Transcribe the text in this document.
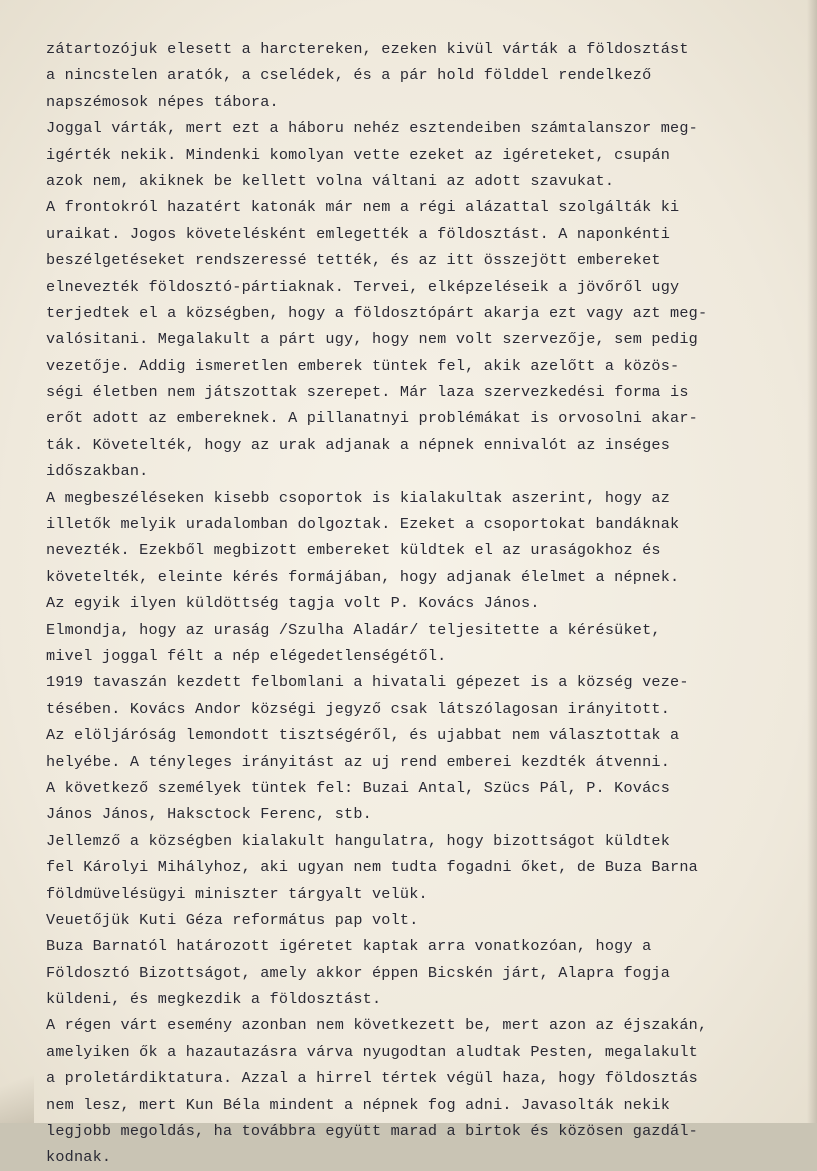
zátartozójuk elesett a harctereken, ezeken kivül várták a földosztást
a nincstelen aratók, a cselédek, és a pár hold földdel rendelkező
napszémosok népes tábora.
Joggal várták, mert ezt a háboru nehéz esztendeiben számtalanszor meg-
igérték nekik. Mindenki komolyan vette ezeket az igéreteket, csupán
azok nem, akiknek be kellett volna váltani az adott szavukat.
A frontokról hazatért katonák már nem a régi alázattal szolgálták ki
uraikat. Jogos követelésként emlegették a földosztást. A naponkénti
beszélgetéseket rendszeressé tették, és az itt összejött embereket
elnevezték földosztó-pártiaknak. Tervei, elképzeléseik a jövőről ugy
terjedtek el a községben, hogy a földosztópárt akarja ezt vagy azt meg-
valósitani. Megalakult a párt ugy, hogy nem volt szervezője, sem pedig
vezetője. Addig ismeretlen emberek tüntek fel, akik azelőtt a közös-
ségi életben nem játszottak szerepet. Már laza szervezkedési forma is
erőt adott az embereknek. A pillanatnyi problémákat is orvosolni akar-
ták. Követelték, hogy az urak adjanak a népnek ennivalót az inséges
időszakban.
A megbeszéléseken kisebb csoportok is kialakultak aszerint, hogy az
illetők melyik uradalomban dolgoztak. Ezeket a csoportokat bandáknak
nevezték. Ezekből megbizott embereket küldtek el az uraságokhoz és
követelték, eleinte kérés formájában, hogy adjanak élelmet a népnek.
Az egyik ilyen küldöttség tagja volt P. Kovács János.
Elmondja, hogy az uraság /Szulha Aladár/ teljesitette a kérésüket,
mivel joggal félt a nép elégedetlenségétől.
1919 tavaszán kezdett felbomlani a hivatali gépezet is a község veze-
tésében. Kovács Andor községi jegyző csak látszólagosan irányitott.
Az elöljáróság lemondott tisztségéről, és ujabbat nem választottak a
helyébe. A tényleges irányitást az uj rend emberei kezdték átvenni.
A következő személyek tüntek fel: Buzai Antal, Szücs Pál, P. Kovács
János János, Haksctock Ferenc, stb.
Jellemző a községben kialakult hangulatra, hogy bizottságot küldtek
fel Károlyi Mihályhoz, aki ugyan nem tudta fogadni őket, de Buza Barna
földmüvelésügyi miniszter tárgyalt velük.
Veuetőjük Kuti Géza református pap volt.
Buza Barnatól határozott igéretet kaptak arra vonatkozóan, hogy a
Földosztó Bizottságot, amely akkor éppen Bicskén járt, Alapra fogja
küldeni, és megkezdik a földosztást.
A régen várt esemény azonban nem következett be, mert azon az éjszakán,
amelyiken ők a hazautazásra várva nyugodtan aludtak Pesten, megalakult
a proletárdiktatura. Azzal a hirrel tértek végül haza, hogy földosztás
nem lesz, mert Kun Béla mindent a népnek fog adni. Javasolták nekik
legjobb megoldás, ha továbbra együtt marad a birtok és közösen gazdál-
kodnak.
